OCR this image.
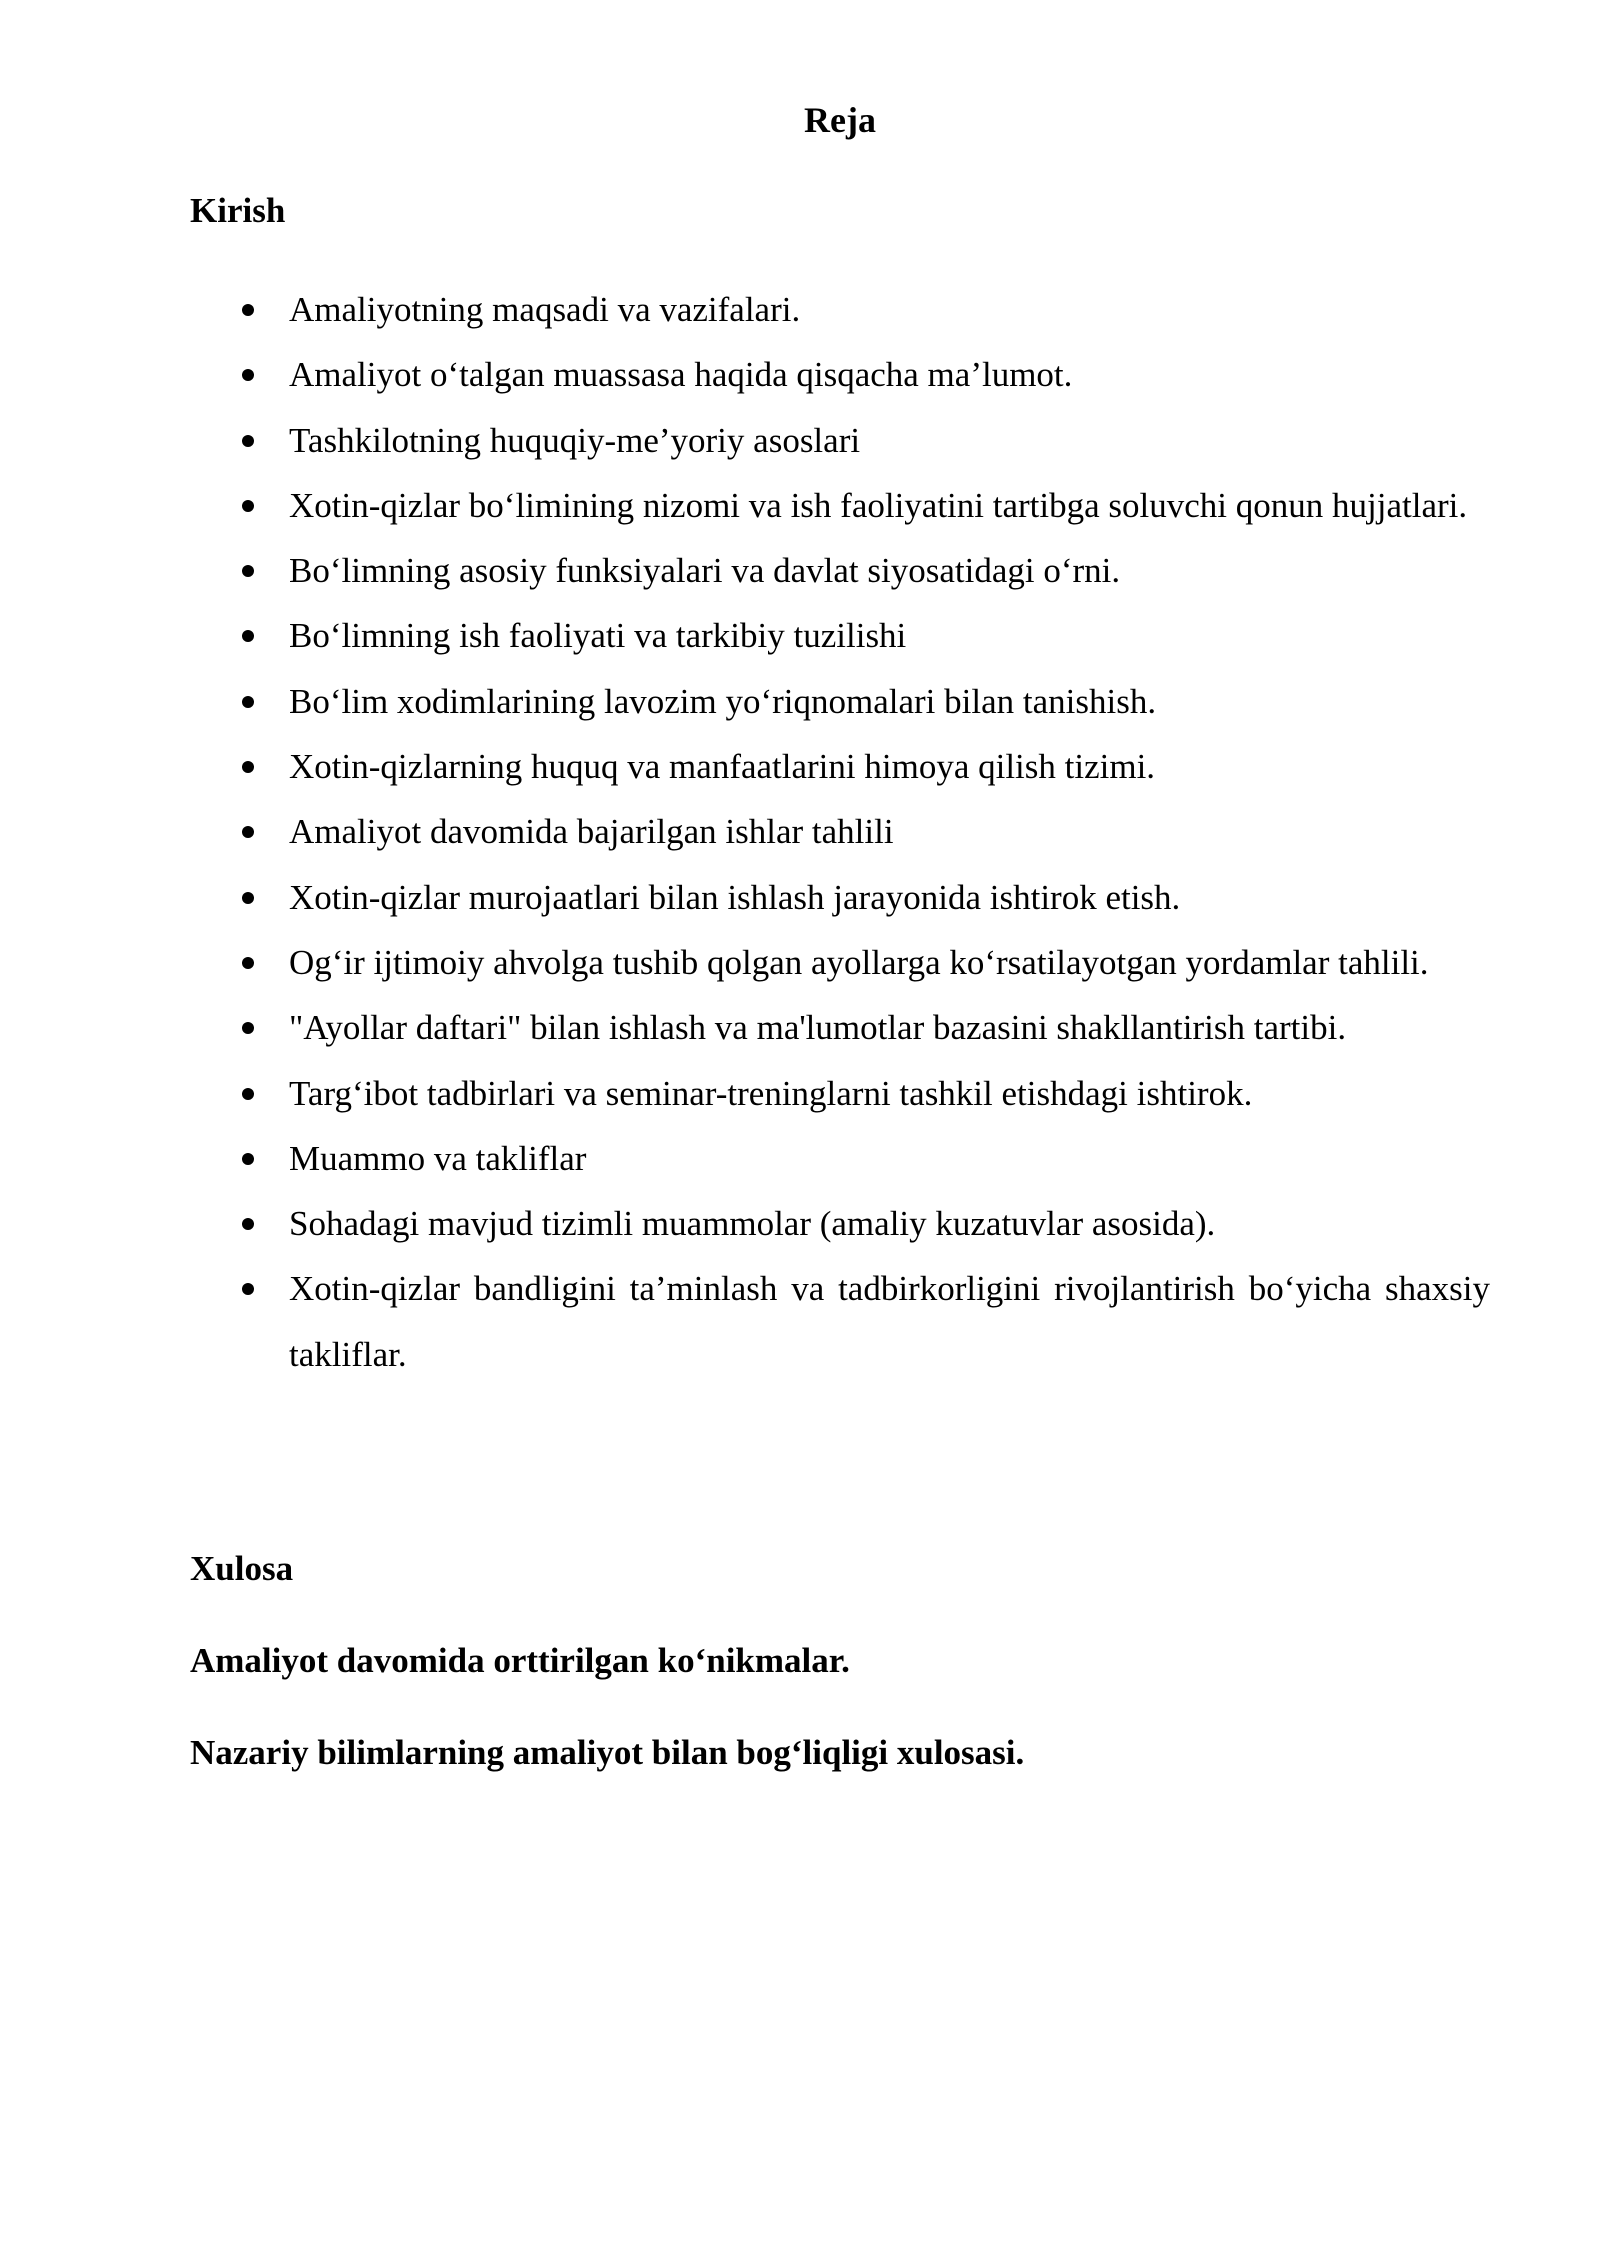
Reja
Kirish
Amaliyotning maqsadi va vazifalari.
Amaliyot o‘talgan muassasa haqida qisqacha ma’lumot.
Tashkilotning huquqiy-me’yoriy asoslari
Xotin-qizlar bo‘limining nizomi va ish faoliyatini tartibga soluvchi qonun hujjatlari.
Bo‘limning asosiy funksiyalari va davlat siyosatidagi o‘rni.
Bo‘limning ish faoliyati va tarkibiy tuzilishi
Bo‘lim xodimlarining lavozim yo‘riqnomalari bilan tanishish.
Xotin-qizlarning huquq va manfaatlarini himoya qilish tizimi.
Amaliyot davomida bajarilgan ishlar tahlili
Xotin-qizlar murojaatlari bilan ishlash jarayonida ishtirok etish.
Og‘ir ijtimoiy ahvolga tushib qolgan ayollarga ko‘rsatilayotgan yordamlar tahlili.
"Ayollar daftari" bilan ishlash va ma'lumotlar bazasini shakllantirish tartibi.
Targ‘ibot tadbirlari va seminar-treninglarni tashkil etishdagi ishtirok.
Muammo va takliflar
Sohadagi mavjud tizimli muammolar (amaliy kuzatuvlar asosida).
Xotin-qizlar bandligini ta’minlash va tadbirkorligini rivojlantirish bo‘yicha shaxsiy takliflar.
Xulosa

Amaliyot davomida orttirilgan ko‘nikmalar.

Nazariy bilimlarning amaliyot bilan bog‘liqligi xulosasi.
